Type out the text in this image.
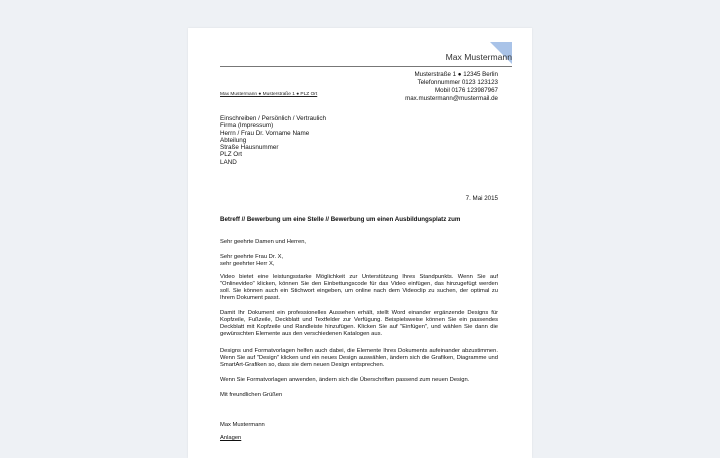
Max Mustermann
Musterstraße 1 ● 12345 Berlin
Telefonnummer 0123 123123
Mobil 0176 123987967
max.mustermann@mustermail.de
Max Mustermann ● Musterstraße 1 ● PLZ Ort
Einschreiben / Persönlich / Vertraulich
Firma (Impressum)
Herrn / Frau Dr. Vorname Name
Abteilung
Straße Hausnummer
PLZ Ort
LAND
7. Mai 2015
Betreff // Bewerbung um eine Stelle // Bewerbung um einen Ausbildungsplatz zum
Sehr geehrte Damen und Herren,
Sehr geehrte Frau Dr. X,
sehr geehrter Herr X,

Video bietet eine leistungsstarke Möglichkeit zur Unterstützung Ihres Standpunkts. Wenn Sie auf "Onlinevideo" klicken, können Sie den Einbettungscode für das Video einfügen, das hinzugefügt werden soll. Sie können auch ein Stichwort eingeben, um online nach dem Videoclip zu suchen, der optimal zu Ihrem Dokument passt.

Damit Ihr Dokument ein professionelles Aussehen erhält, stellt Word einander ergänzende Designs für Kopfzeile, Fußzeile, Deckblatt und Textfelder zur Verfügung. Beispielsweise können Sie ein passendes Deckblatt mit Kopfzeile und Randleiste hinzufügen. Klicken Sie auf "Einfügen", und wählen Sie dann die gewünschten Elemente aus den verschiedenen Katalogen aus.

Designs und Formatvorlagen helfen auch dabei, die Elemente Ihres Dokuments aufeinander abzustimmen. Wenn Sie auf "Design" klicken und ein neues Design auswählen, ändern sich die Grafiken, Diagramme und SmartArt-Grafiken so, dass sie dem neuen Design entsprechen.

Wenn Sie Formatvorlagen anwenden, ändern sich die Überschriften passend zum neuen Design.

Mit freundlichen Grüßen
Max Mustermann
Anlagen
